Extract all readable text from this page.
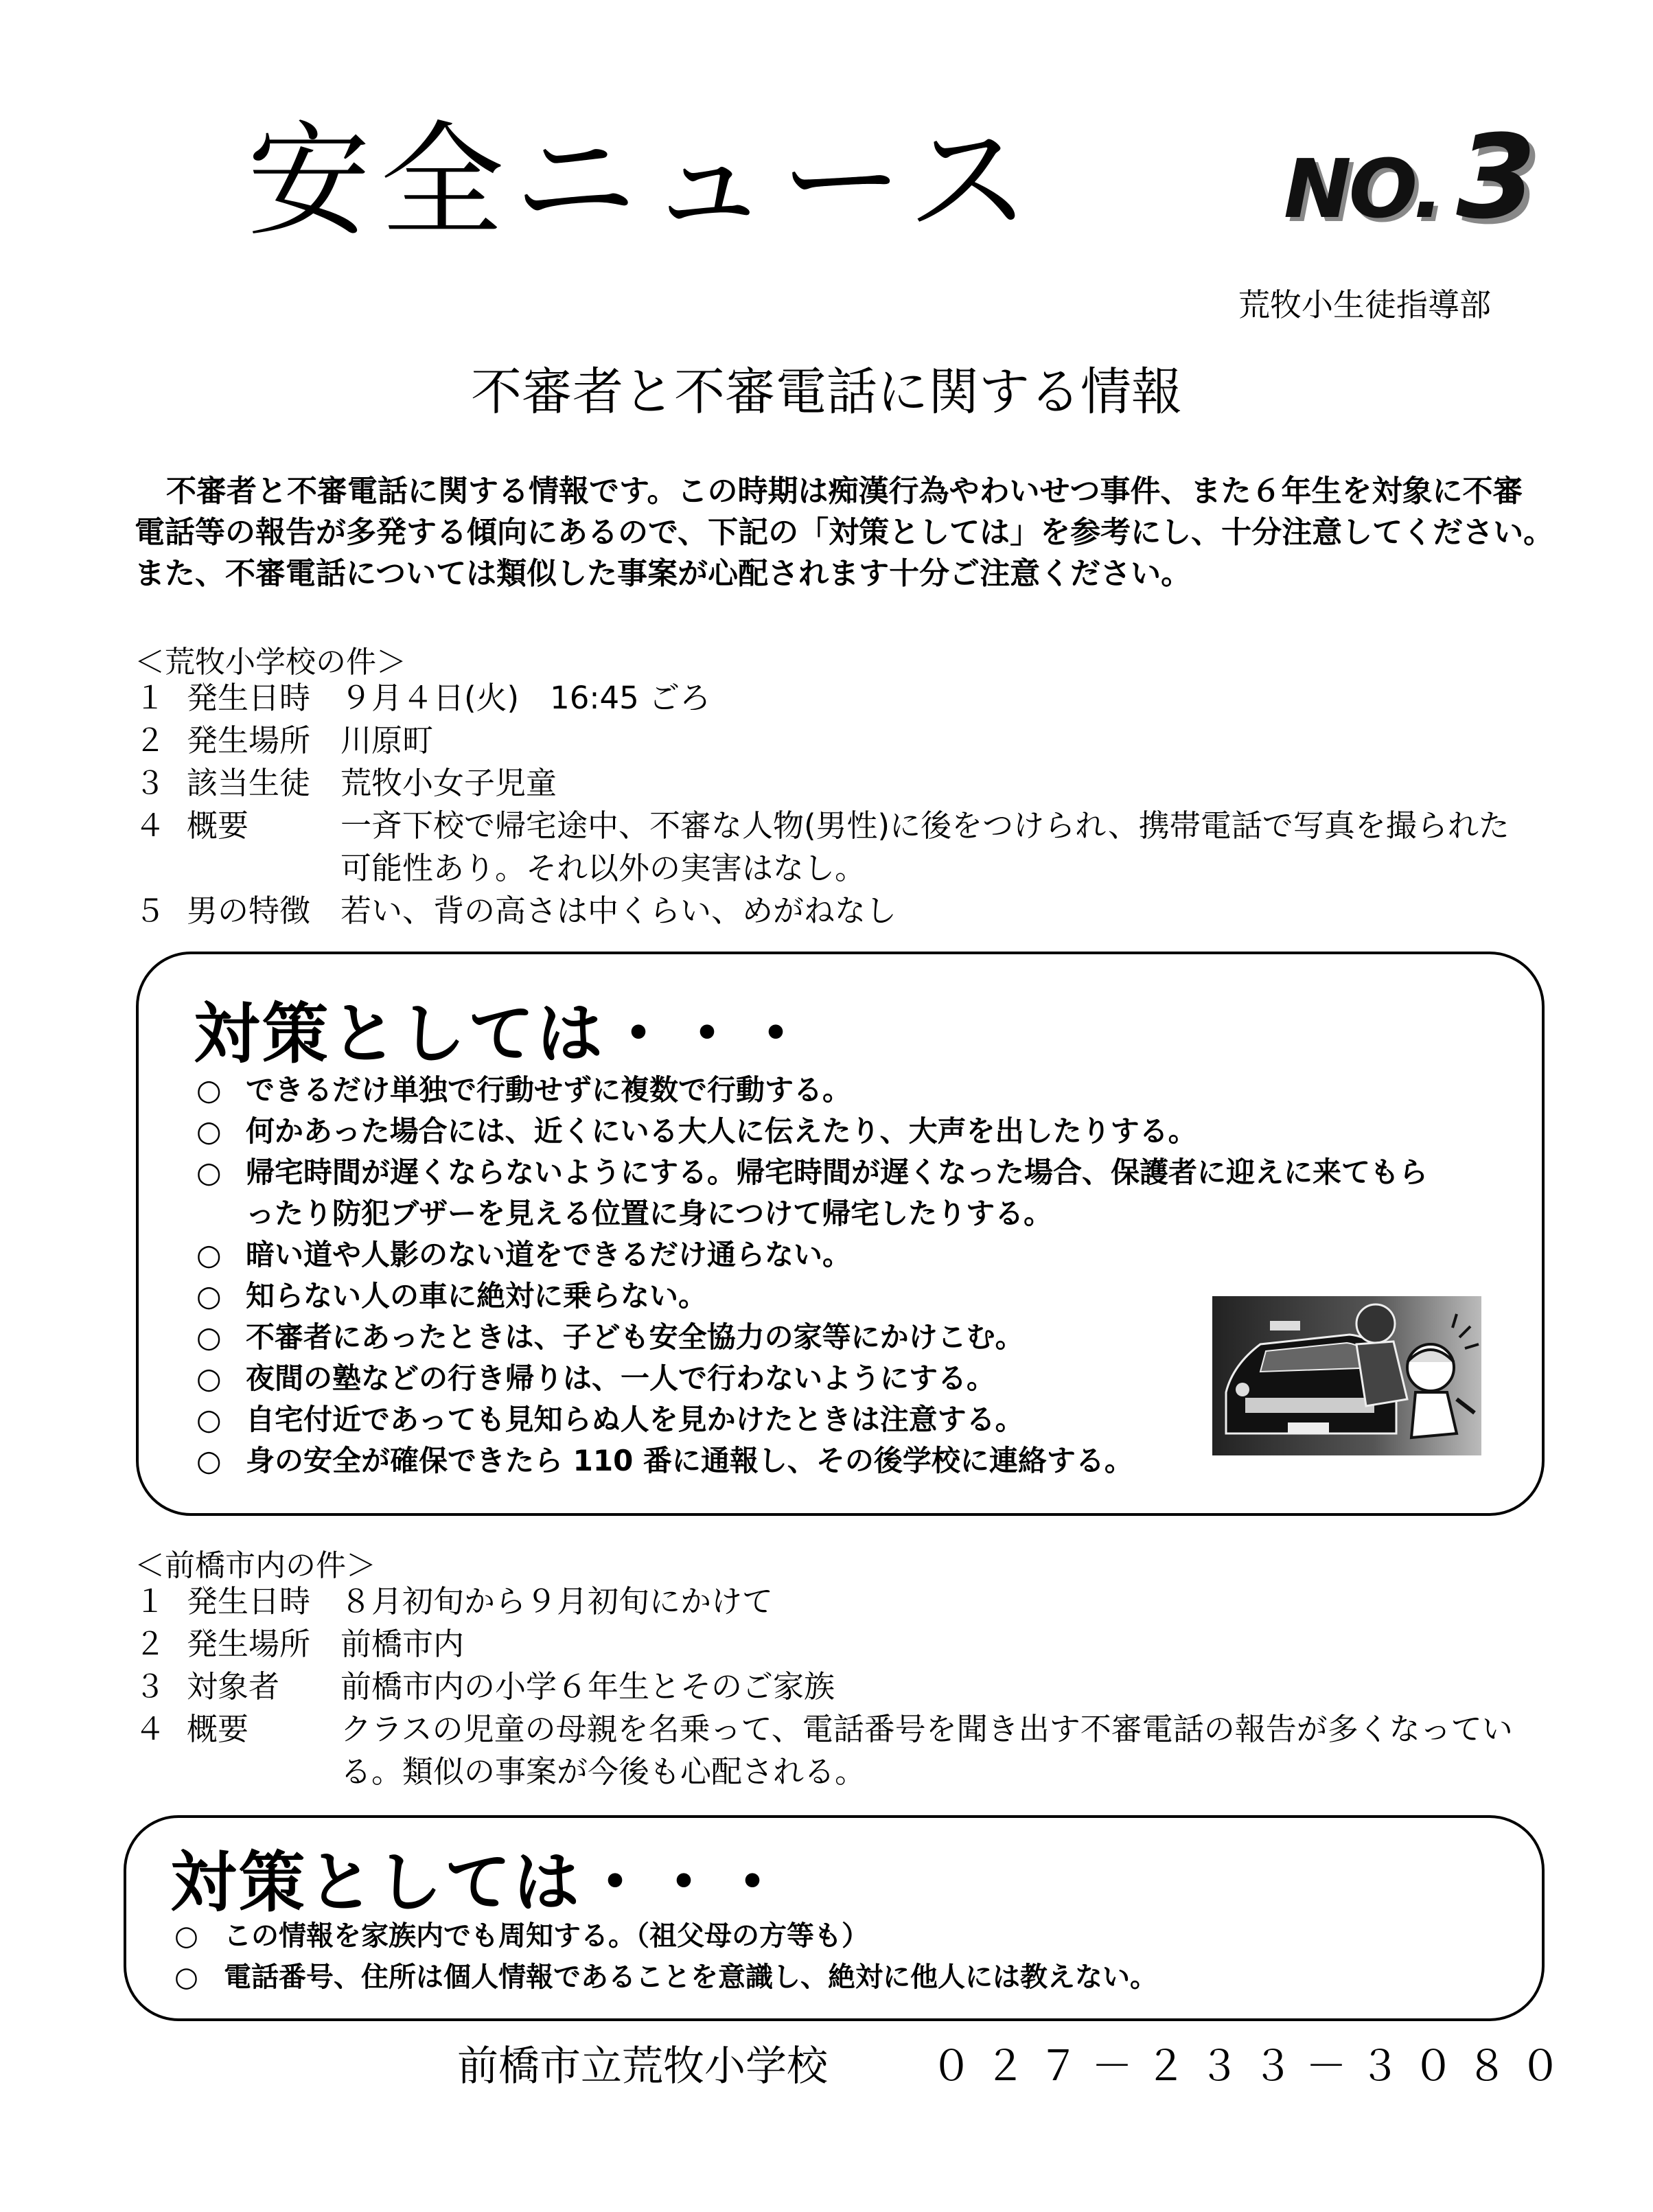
安全ニュース	NO. 3
荒牧小生徒指導部
不審者と不審電話に関する情報

不審者と不審電話に関する情報です。この時期は痴漢行為やわいせつ事件、また６年生を対象に不審

電話等の報告が多発する傾向にあるので、下記の「対策としては」を参考にし、十分注意してください。

また、不審電話については類似した事案が心配されます十分ご注意ください。

＜荒牧小学校の件＞
１ 発生日時 ９月４日(火)　16:45 ごろ
２ 発生場所 川原町
３ 該当生徒 荒牧小女子児童
４ 概要	一斉下校で帰宅途中、不審な人物(男性)に後をつけられ、携帯電話で写真を撮られた可能性あり。それ以外の実害はなし。
５ 男の特徴 若い、背の高さは中くらい、めがねなし
対策としては・・・
○ できるだけ単独で行動せずに複数で行動する。
○ 何かあった場合には、近くにいる大人に伝えたり、大声を出したりする。
○ 帰宅時間が遅くならないようにする。帰宅時間が遅くなった場合、保護者に迎えに来てもら
ったり防犯ブザーを見える位置に身につけて帰宅したりする。
○ 暗い道や人影のない道をできるだけ通らない。
○ 知らない人の車に絶対に乗らない。
○ 不審者にあったときは、子ども安全協力の家等にかけこむ。
○ 夜間の塾などの行き帰りは、一人で行わないようにする。
○ 自宅付近であっても見知らぬ人を見かけたときは注意する。
○ 身の安全が確保できたら 110 番に通報し、その後学校に連絡する。
＜前橋市内の件＞
１ 発生日時 ８月初旬から９月初旬にかけて
２ 発生場所 前橋市内
３ 対象者 前橋市内の小学６年生とそのご家族
４ 概要	クラスの児童の母親を名乗って、電話番号を聞き出す不審電話の報告が多くなっている。類似の事案が今後も心配される。
対策としては・・・
○ この情報を家族内でも周知する。（祖父母の方等も）
○ 電話番号、住所は個人情報であることを意識し、絶対に他人には教えない。
前橋市立荒牧小学校	０２７－２３３－３０８０
